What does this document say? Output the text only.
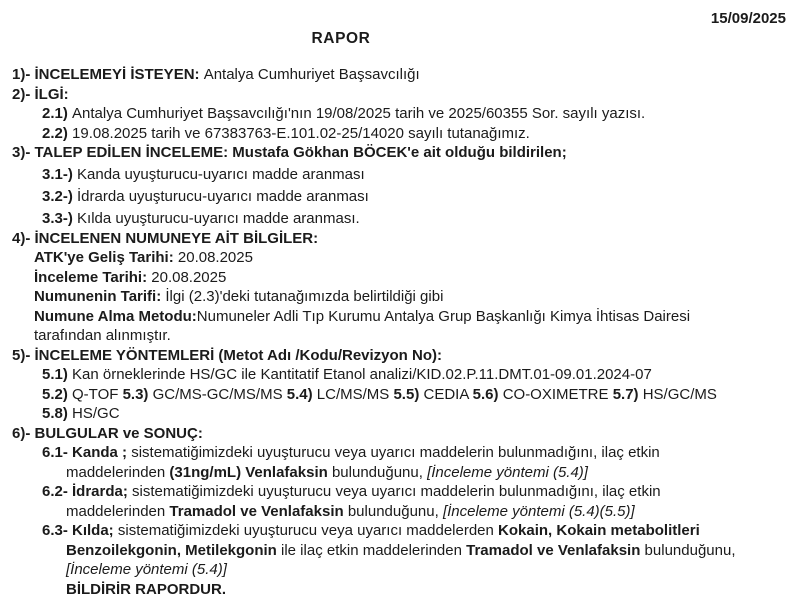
15/09/2025
RAPOR
1)- İNCELEMEYİ İSTEYEN: Antalya Cumhuriyet Başsavcılığı
2)- İLGİ:
2.1) Antalya Cumhuriyet Başsavcılığı'nın 19/08/2025 tarih ve 2025/60355 Sor. sayılı yazısı.
2.2) 19.08.2025 tarih ve 67383763-E.101.02-25/14020 sayılı tutanağımız.
3)- TALEP EDİLEN İNCELEME: Mustafa Gökhan BÖCEK'e ait olduğu bildirilen;
3.1-) Kanda uyuşturucu-uyarıcı madde aranması
3.2-) İdrarda uyuşturucu-uyarıcı madde aranması
3.3-) Kılda uyuşturucu-uyarıcı madde aranması.
4)- İNCELENEN NUMUNEYE AİT BİLGİLER:
ATK'ye Geliş Tarihi: 20.08.2025
İnceleme Tarihi: 20.08.2025
Numunenin Tarifi: İlgi (2.3)'deki tutanağımızda belirtildiği gibi
Numune Alma Metodu:Numuneler Adli Tıp Kurumu Antalya Grup Başkanlığı Kimya İhtisas Dairesi
tarafından alınmıştır.
5)- İNCELEME YÖNTEMLERİ (Metot Adı /Kodu/Revizyon No):
5.1) Kan örneklerinde HS/GC ile Kantitatif Etanol analizi/KID.02.P.11.DMT.01-09.01.2024-07
5.2) Q-TOF 5.3) GC/MS-GC/MS/MS 5.4) LC/MS/MS 5.5) CEDIA 5.6) CO-OXIMETRE 5.7) HS/GC/MS
5.8) HS/GC
6)- BULGULAR ve SONUÇ:
6.1- Kanda ; sistematiğimizdeki uyuşturucu veya uyarıcı maddelerin bulunmadığını, ilaç etkin
maddelerinden (31ng/mL) Venlafaksin bulunduğunu, [İnceleme yöntemi (5.4)]
6.2- İdrarda; sistematiğimizdeki uyuşturucu veya uyarıcı maddelerin bulunmadığını, ilaç etkin
maddelerinden Tramadol ve Venlafaksin bulunduğunu, [İnceleme yöntemi (5.4)(5.5)]
6.3- Kılda; sistematiğimizdeki uyuşturucu veya uyarıcı maddelerden Kokain, Kokain metabolitleri
Benzoilekgonin, Metilekgonin ile ilaç etkin maddelerinden Tramadol ve Venlafaksin bulunduğunu,
[İnceleme yöntemi (5.4)]
BİLDİRİR RAPORDUR.
